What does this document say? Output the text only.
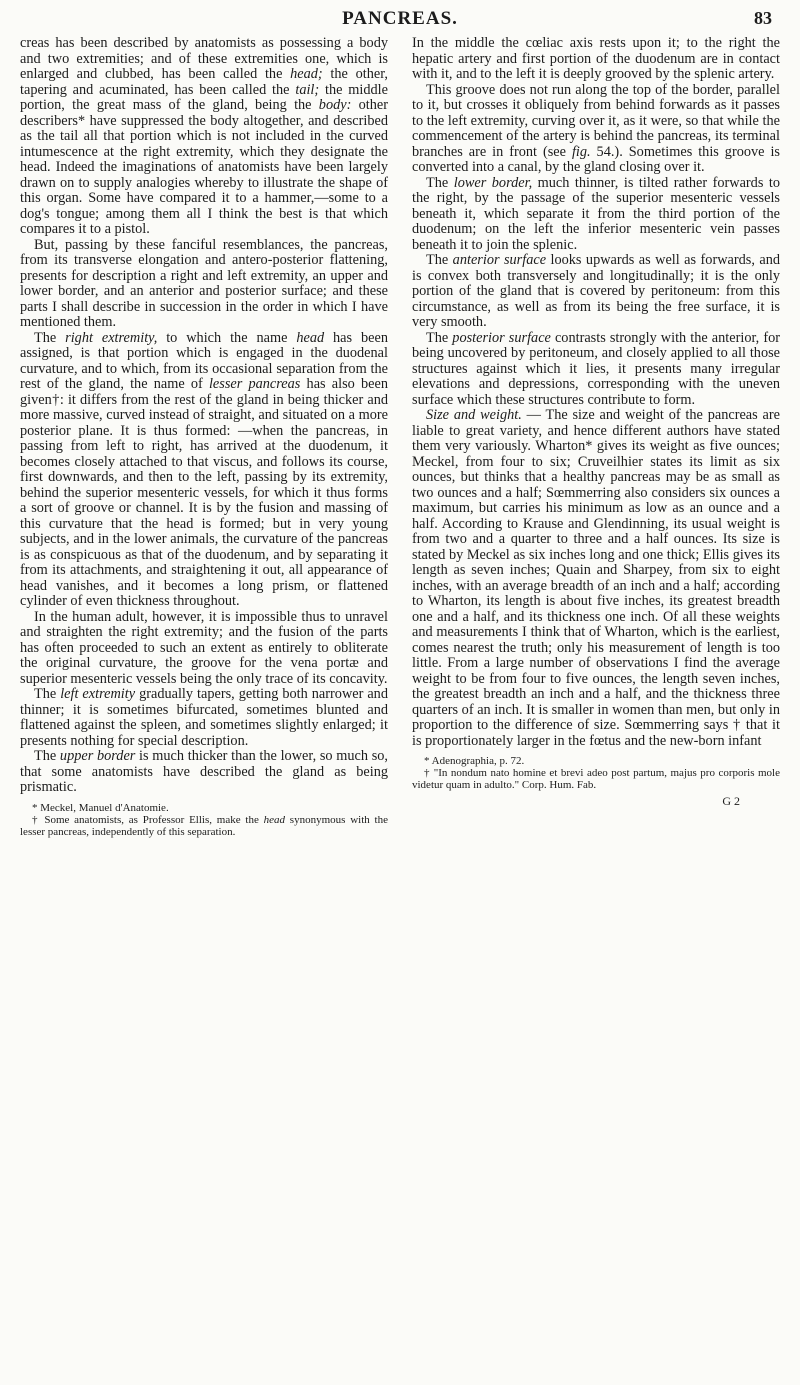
PANCREAS.	83

creas has been described by anatomists as possessing a body and two extremities; and of these extremities one, which is enlarged and clubbed, has been called the head; the other, tapering and acuminated, has been called the tail; the middle portion, the great mass of the gland, being the body: other describers* have suppressed the body altogether, and described as the tail all that portion which is not included in the curved intumescence at the right extremity, which they designate the head. Indeed the imaginations of anatomists have been largely drawn on to supply analogies whereby to illustrate the shape of this organ. Some have compared it to a hammer,—some to a dog's tongue; among them all I think the best is that which compares it to a pistol.

But, passing by these fanciful resemblances, the pancreas, from its transverse elongation and antero-posterior flattening, presents for description a right and left extremity, an upper and lower border, and an anterior and posterior surface; and these parts I shall describe in succession in the order in which I have mentioned them.

The right extremity, to which the name head has been assigned, is that portion which is engaged in the duodenal curvature, and to which, from its occasional separation from the rest of the gland, the name of lesser pancreas has also been given†: it differs from the rest of the gland in being thicker and more massive, curved instead of straight, and situated on a more posterior plane. It is thus formed: —when the pancreas, in passing from left to right, has arrived at the duodenum, it becomes closely attached to that viscus, and follows its course, first downwards, and then to the left, passing by its extremity, behind the superior mesenteric vessels, for which it thus forms a sort of groove or channel. It is by the fusion and massing of this curvature that the head is formed; but in very young subjects, and in the lower animals, the curvature of the pancreas is as conspicuous as that of the duodenum, and by separating it from its attachments, and straightening it out, all appearance of head vanishes, and it becomes a long prism, or flattened cylinder of even thickness throughout.

In the human adult, however, it is impossible thus to unravel and straighten the right extremity; and the fusion of the parts has often proceeded to such an extent as entirely to obliterate the original curvature, the groove for the vena portæ and superior mesenteric vessels being the only trace of its concavity.

The left extremity gradually tapers, getting both narrower and thinner; it is sometimes bifurcated, sometimes blunted and flattened against the spleen, and sometimes slightly enlarged; it presents nothing for special description.

The upper border is much thicker than the lower, so much so, that some anatomists have described the gland as being prismatic.

* Meckel, Manuel d'Anatomie.

† Some anatomists, as Professor Ellis, make the head synonymous with the lesser pancreas, independently of this separation.

In the middle the cœliac axis rests upon it; to the right the hepatic artery and first portion of the duodenum are in contact with it, and to the left it is deeply grooved by the splenic artery.

This groove does not run along the top of the border, parallel to it, but crosses it obliquely from behind forwards as it passes to the left extremity, curving over it, as it were, so that while the commencement of the artery is behind the pancreas, its terminal branches are in front (see fig. 54.). Sometimes this groove is converted into a canal, by the gland closing over it.

The lower border, much thinner, is tilted rather forwards to the right, by the passage of the superior mesenteric vessels beneath it, which separate it from the third portion of the duodenum; on the left the inferior mesenteric vein passes beneath it to join the splenic.

The anterior surface looks upwards as well as forwards, and is convex both transversely and longitudinally; it is the only portion of the gland that is covered by peritoneum: from this circumstance, as well as from its being the free surface, it is very smooth.

The posterior surface contrasts strongly with the anterior, for being uncovered by peritoneum, and closely applied to all those structures against which it lies, it presents many irregular elevations and depressions, corresponding with the uneven surface which these structures contribute to form.

Size and weight. — The size and weight of the pancreas are liable to great variety, and hence different authors have stated them very variously. Wharton* gives its weight as five ounces; Meckel, from four to six; Cruveilhier states its limit as six ounces, but thinks that a healthy pancreas may be as small as two ounces and a half; Sœmmerring also considers six ounces a maximum, but carries his minimum as low as an ounce and a half. According to Krause and Glendinning, its usual weight is from two and a quarter to three and a half ounces. Its size is stated by Meckel as six inches long and one thick; Ellis gives its length as seven inches; Quain and Sharpey, from six to eight inches, with an average breadth of an inch and a half; according to Wharton, its length is about five inches, its greatest breadth one and a half, and its thickness one inch. Of all these weights and measurements I think that of Wharton, which is the earliest, comes nearest the truth; only his measurement of length is too little. From a large number of observations I find the average weight to be from four to five ounces, the length seven inches, the greatest breadth an inch and a half, and the thickness three quarters of an inch. It is smaller in women than men, but only in proportion to the difference of size. Sœmmerring says † that it is proportionately larger in the fœtus and the new-born infant

* Adenographia, p. 72.

† "In nondum nato homine et brevi adeo post partum, majus pro corporis mole videtur quam in adulto." Corp. Hum. Fab.

G 2
